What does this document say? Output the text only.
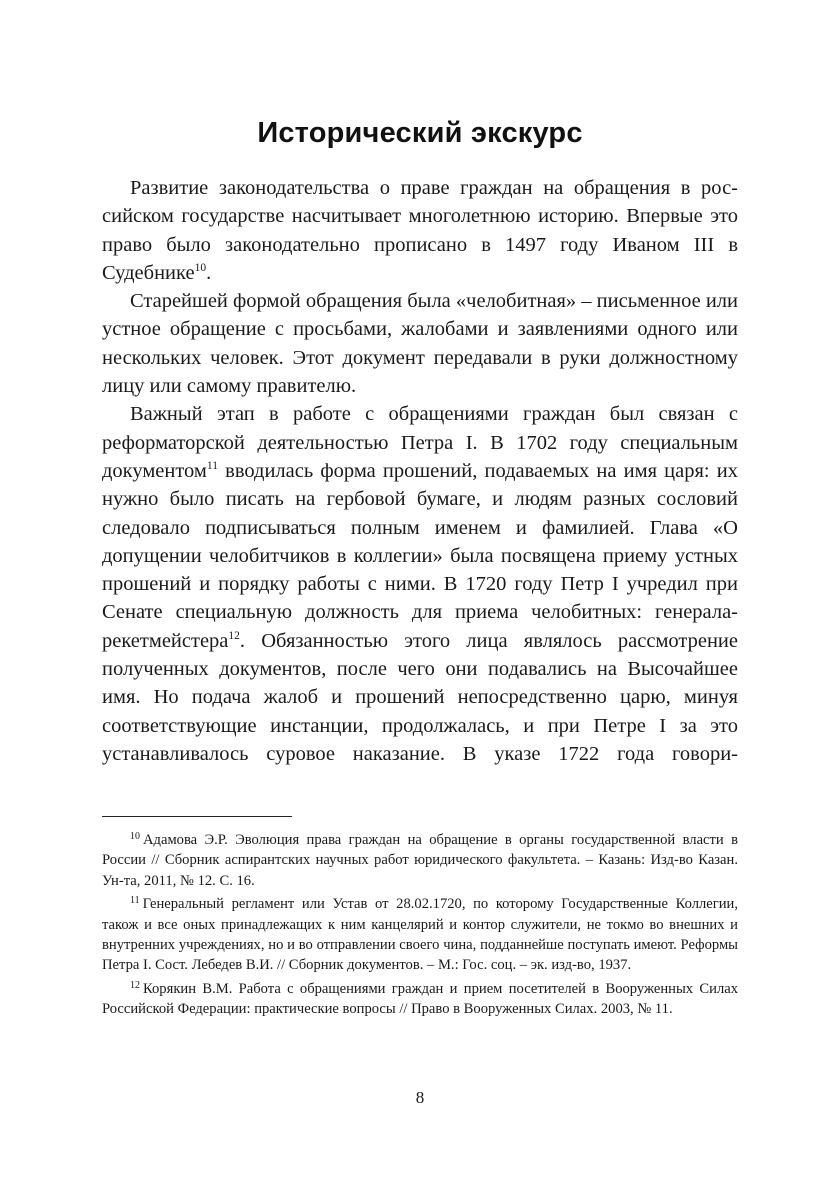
Исторический экскурс

Развитие законодательства о праве граждан на обращения в российском государстве насчитывает многолетнюю историю. Впервые это право было законодательно прописано в 1497 году Иваном III в Судебнике$^{10}$.

Старейшей формой обращения была «челобитная» – письменное или устное обращение с просьбами, жалобами и заявлениями одного или нескольких человек. Этот документ передавали в руки должностному лицу или самому правителю.

Важный этап в работе с обращениями граждан был связан с реформаторской деятельностью Петра I. В 1702 году специальным документом$^{11}$ вводилась форма прошений, подаваемых на имя царя: их нужно было писать на гербовой бумаге, и людям разных сословий следовало подписываться полным именем и фамилией. Глава «О допущении челобитчиков в коллегии» была посвящена приему устных прошений и порядку работы с ними. В 1720 году Петр I учредил при Сенате специальную должность для приема челобитных: генерала-рекетмейстера$^{12}$. Обязанностью этого лица являлось рассмотрение полученных документов, после чего они подавались на Высочайшее имя. Но подача жалоб и прошений непосредственно царю, минуя соответствующие инстанции, продолжалась, и при Петре I за это устанавливалось суровое наказание. В указе 1722 года говори-

$^{10}$ Адамова Э.Р. Эволюция права граждан на обращение в органы государственной власти в России // Сборник аспирантских научных работ юридического факультета. – Казань: Изд-во Казан. Ун-та, 2011, № 12. С. 16.

$^{11}$ Генеральный регламент или Устав от 28.02.1720, по которому Государственные Коллегии, також и все оных принадлежащих к ним канцелярий и контор служители, не токмо во внешних и внутренних учреждениях, но и во отправлении своего чина, подданнейше поступать имеют. Реформы Петра I. Сост. Лебедев В.И. // Сборник документов. – М.: Гос. соц. – эк. изд-во, 1937.

$^{12}$ Корякин В.М. Работа с обращениями граждан и прием посетителей в Вооруженных Силах Российской Федерации: практические вопросы // Право в Вооруженных Силах. 2003, № 11.

8
